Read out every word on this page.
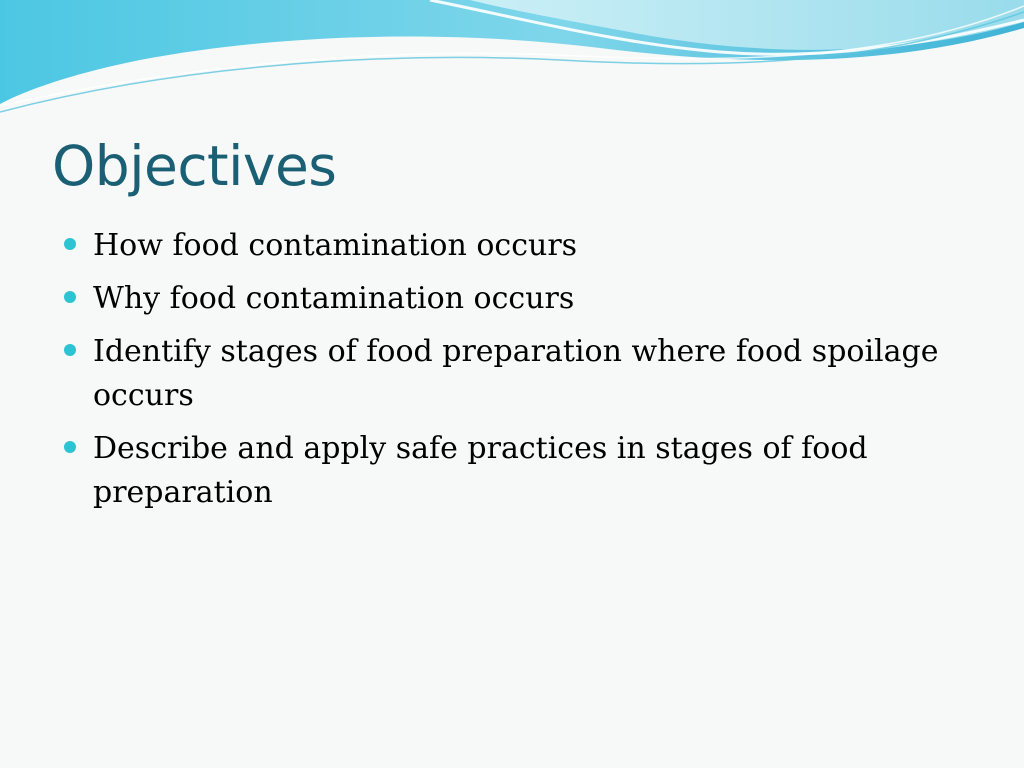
Objectives
How food contamination occurs
Why food contamination occurs
Identify stages of food preparation where food spoilage occurs
Describe and apply safe practices in stages of food preparation
